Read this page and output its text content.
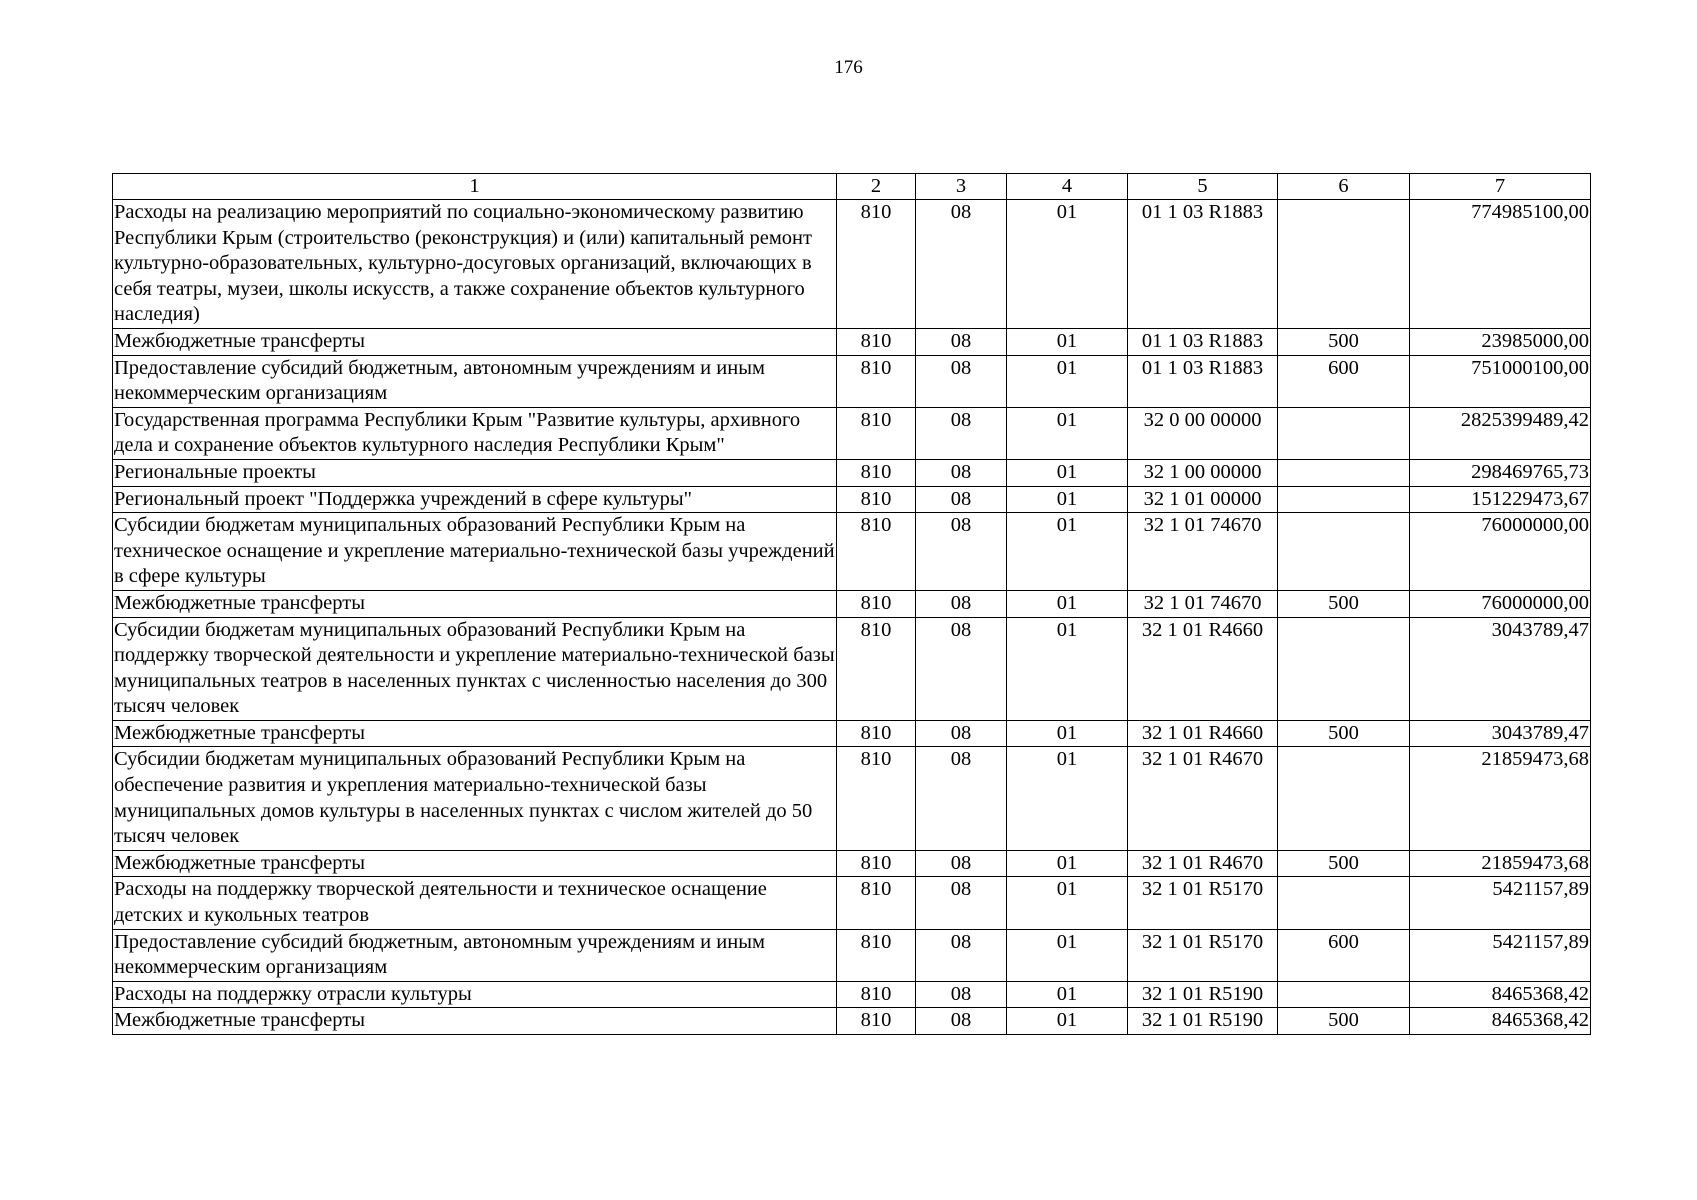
176
1	2	3	4	5	6	7
Расходы на реализацию мероприятий по социально-экономическому развитию Республики Крым (строительство (реконструкция) и (или) капитальный ремонт культурно-образовательных, культурно-досуговых организаций, включающих в себя театры, музеи, школы искусств, а также сохранение объектов культурного наследия)	810	08	01	01 1 03 R1883		774985100,00
Межбюджетные трансферты	810	08	01	01 1 03 R1883	500	23985000,00
Предоставление субсидий бюджетным, автономным учреждениям и иным некоммерческим организациям	810	08	01	01 1 03 R1883	600	751000100,00
Государственная программа Республики Крым "Развитие культуры, архивного дела и сохранение объектов культурного наследия Республики Крым"	810	08	01	32 0 00 00000		2825399489,42
Региональные проекты	810	08	01	32 1 00 00000		298469765,73
Региональный проект "Поддержка учреждений в сфере культуры"	810	08	01	32 1 01 00000		151229473,67
Субсидии бюджетам муниципальных образований Республики Крым на техническое оснащение и укрепление материально-технической базы учреждений в сфере культуры	810	08	01	32 1 01 74670		76000000,00
Межбюджетные трансферты	810	08	01	32 1 01 74670	500	76000000,00
Субсидии бюджетам муниципальных образований Республики Крым на поддержку творческой деятельности и укрепление материально-технической базы муниципальных театров в населенных пунктах с численностью населения до 300 тысяч человек	810	08	01	32 1 01 R4660		3043789,47
Межбюджетные трансферты	810	08	01	32 1 01 R4660	500	3043789,47
Субсидии бюджетам муниципальных образований Республики Крым на обеспечение развития и укрепления материально-технической базы муниципальных домов культуры в населенных пунктах с числом жителей до 50 тысяч человек	810	08	01	32 1 01 R4670		21859473,68
Межбюджетные трансферты	810	08	01	32 1 01 R4670	500	21859473,68
Расходы на поддержку творческой деятельности и техническое оснащение детских и кукольных театров	810	08	01	32 1 01 R5170		5421157,89
Предоставление субсидий бюджетным, автономным учреждениям и иным некоммерческим организациям	810	08	01	32 1 01 R5170	600	5421157,89
Расходы на поддержку отрасли культуры	810	08	01	32 1 01 R5190		8465368,42
Межбюджетные трансферты	810	08	01	32 1 01 R5190	500	8465368,42
